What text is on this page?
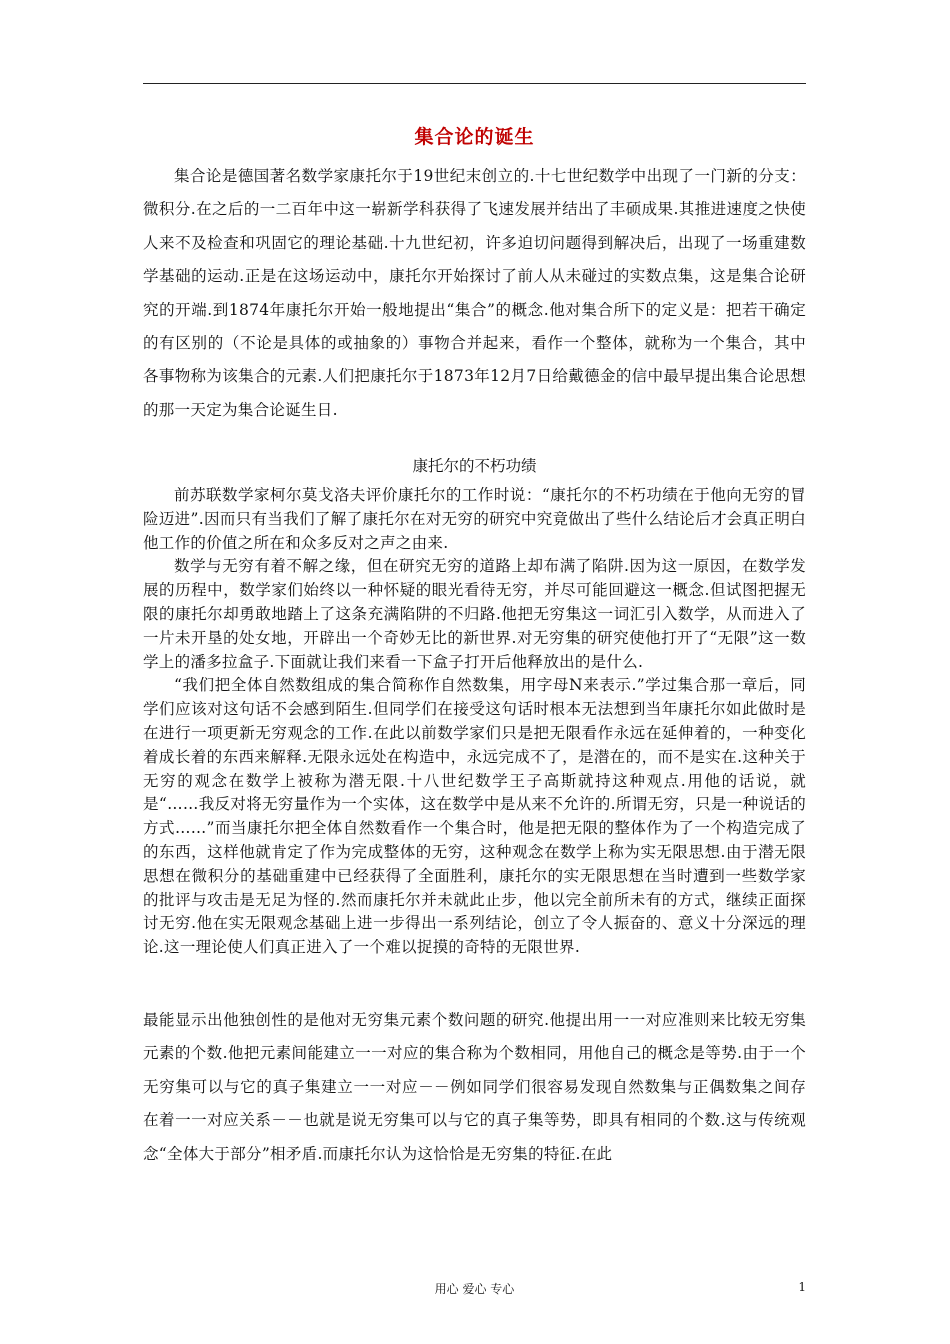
集合论的诞生

集合论是德国著名数学家康托尔于19世纪末创立的.十七世纪数学中出现了一门新的分支：微积分.在之后的一二百年中这一崭新学科获得了飞速发展并结出了丰硕成果.其推进速度之快使人来不及检查和巩固它的理论基础.十九世纪初，许多迫切问题得到解决后，出现了一场重建数学基础的运动.正是在这场运动中，康托尔开始探讨了前人从未碰过的实数点集，这是集合论研究的开端.到1874年康托尔开始一般地提出“集合”的概念.他对集合所下的定义是：把若干确定的有区别的（不论是具体的或抽象的）事物合并起来，看作一个整体，就称为一个集合，其中各事物称为该集合的元素.人们把康托尔于1873年12月7日给戴德金的信中最早提出集合论思想的那一天定为集合论诞生日.

康托尔的不朽功绩

前苏联数学家柯尔莫戈洛夫评价康托尔的工作时说：“康托尔的不朽功绩在于他向无穷的冒险迈进”.因而只有当我们了解了康托尔在对无穷的研究中究竟做出了些什么结论后才会真正明白他工作的价值之所在和众多反对之声之由来.

数学与无穷有着不解之缘，但在研究无穷的道路上却布满了陷阱.因为这一原因，在数学发展的历程中，数学家们始终以一种怀疑的眼光看待无穷，并尽可能回避这一概念.但试图把握无限的康托尔却勇敢地踏上了这条充满陷阱的不归路.他把无穷集这一词汇引入数学，从而进入了一片未开垦的处女地，开辟出一个奇妙无比的新世界.对无穷集的研究使他打开了“无限”这一数学上的潘多拉盒子.下面就让我们来看一下盒子打开后他释放出的是什么.

“我们把全体自然数组成的集合简称作自然数集，用字母N来表示.”学过集合那一章后，同学们应该对这句话不会感到陌生.但同学们在接受这句话时根本无法想到当年康托尔如此做时是在进行一项更新无穷观念的工作.在此以前数学家们只是把无限看作永远在延伸着的，一种变化着成长着的东西来解释.无限永远处在构造中，永远完成不了，是潜在的，而不是实在.这种关于无穷的观念在数学上被称为潜无限.十八世纪数学王子高斯就持这种观点.用他的话说，就是“……我反对将无穷量作为一个实体，这在数学中是从来不允许的.所谓无穷，只是一种说话的方式……”而当康托尔把全体自然数看作一个集合时，他是把无限的整体作为了一个构造完成了的东西，这样他就肯定了作为完成整体的无穷，这种观念在数学上称为实无限思想.由于潜无限思想在微积分的基础重建中已经获得了全面胜利，康托尔的实无限思想在当时遭到一些数学家的批评与攻击是无足为怪的.然而康托尔并未就此止步，他以完全前所未有的方式，继续正面探讨无穷.他在实无限观念基础上进一步得出一系列结论，创立了令人振奋的、意义十分深远的理论.这一理论使人们真正进入了一个难以捉摸的奇特的无限世界.

最能显示出他独创性的是他对无穷集元素个数问题的研究.他提出用一一对应准则来比较无穷集元素的个数.他把元素间能建立一一对应的集合称为个数相同，用他自己的概念是等势.由于一个无穷集可以与它的真子集建立一一对应－－例如同学们很容易发现自然数集与正偶数集之间存在着一一对应关系－－也就是说无穷集可以与它的真子集等势，即具有相同的个数.这与传统观念“全体大于部分”相矛盾.而康托尔认为这恰恰是无穷集的特征.在此

用心 爱心 专心	1
